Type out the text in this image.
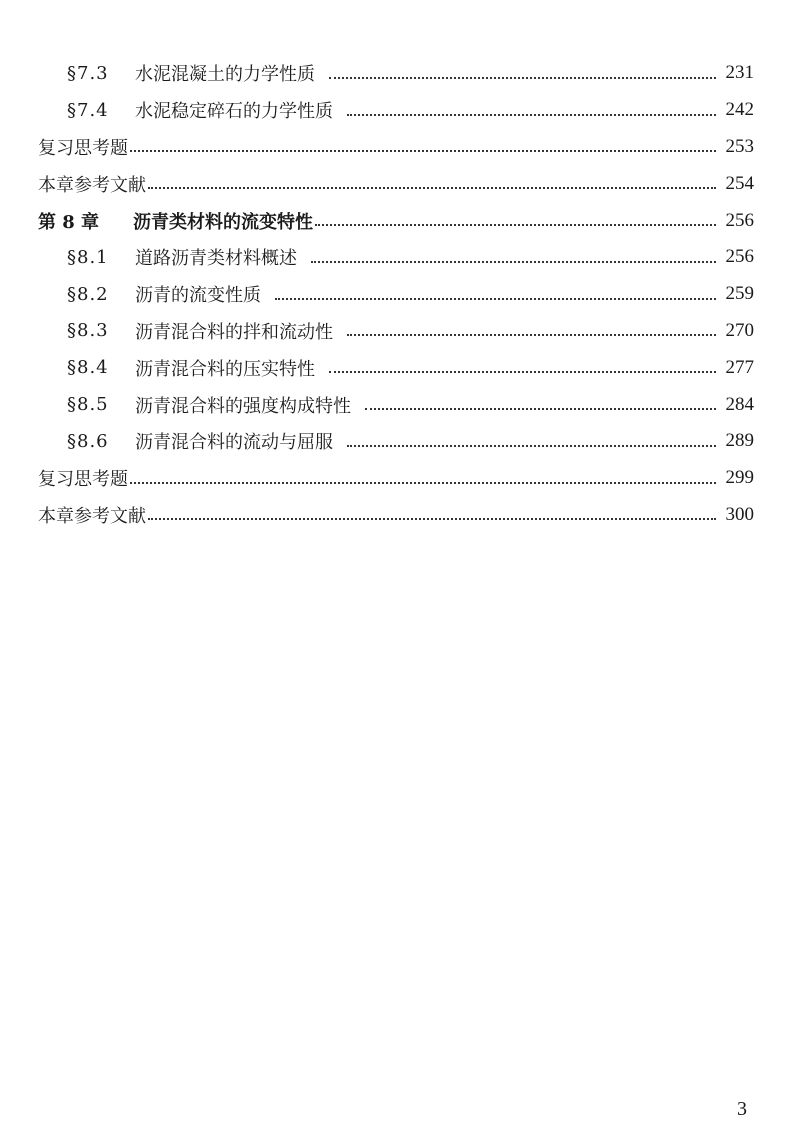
§7.3	水泥混凝土的力学性质	231
§7.4	水泥稳定碎石的力学性质	242
复习思考题	253
本章参考文献	254
第 8 章	沥青类材料的流变特性	256
§8.1	道路沥青类材料概述	256
§8.2	沥青的流变性质	259
§8.3	沥青混合料的拌和流动性	270
§8.4	沥青混合料的压实特性	277
§8.5	沥青混合料的强度构成特性	284
§8.6	沥青混合料的流动与屈服	289
复习思考题	299
本章参考文献	300
3
